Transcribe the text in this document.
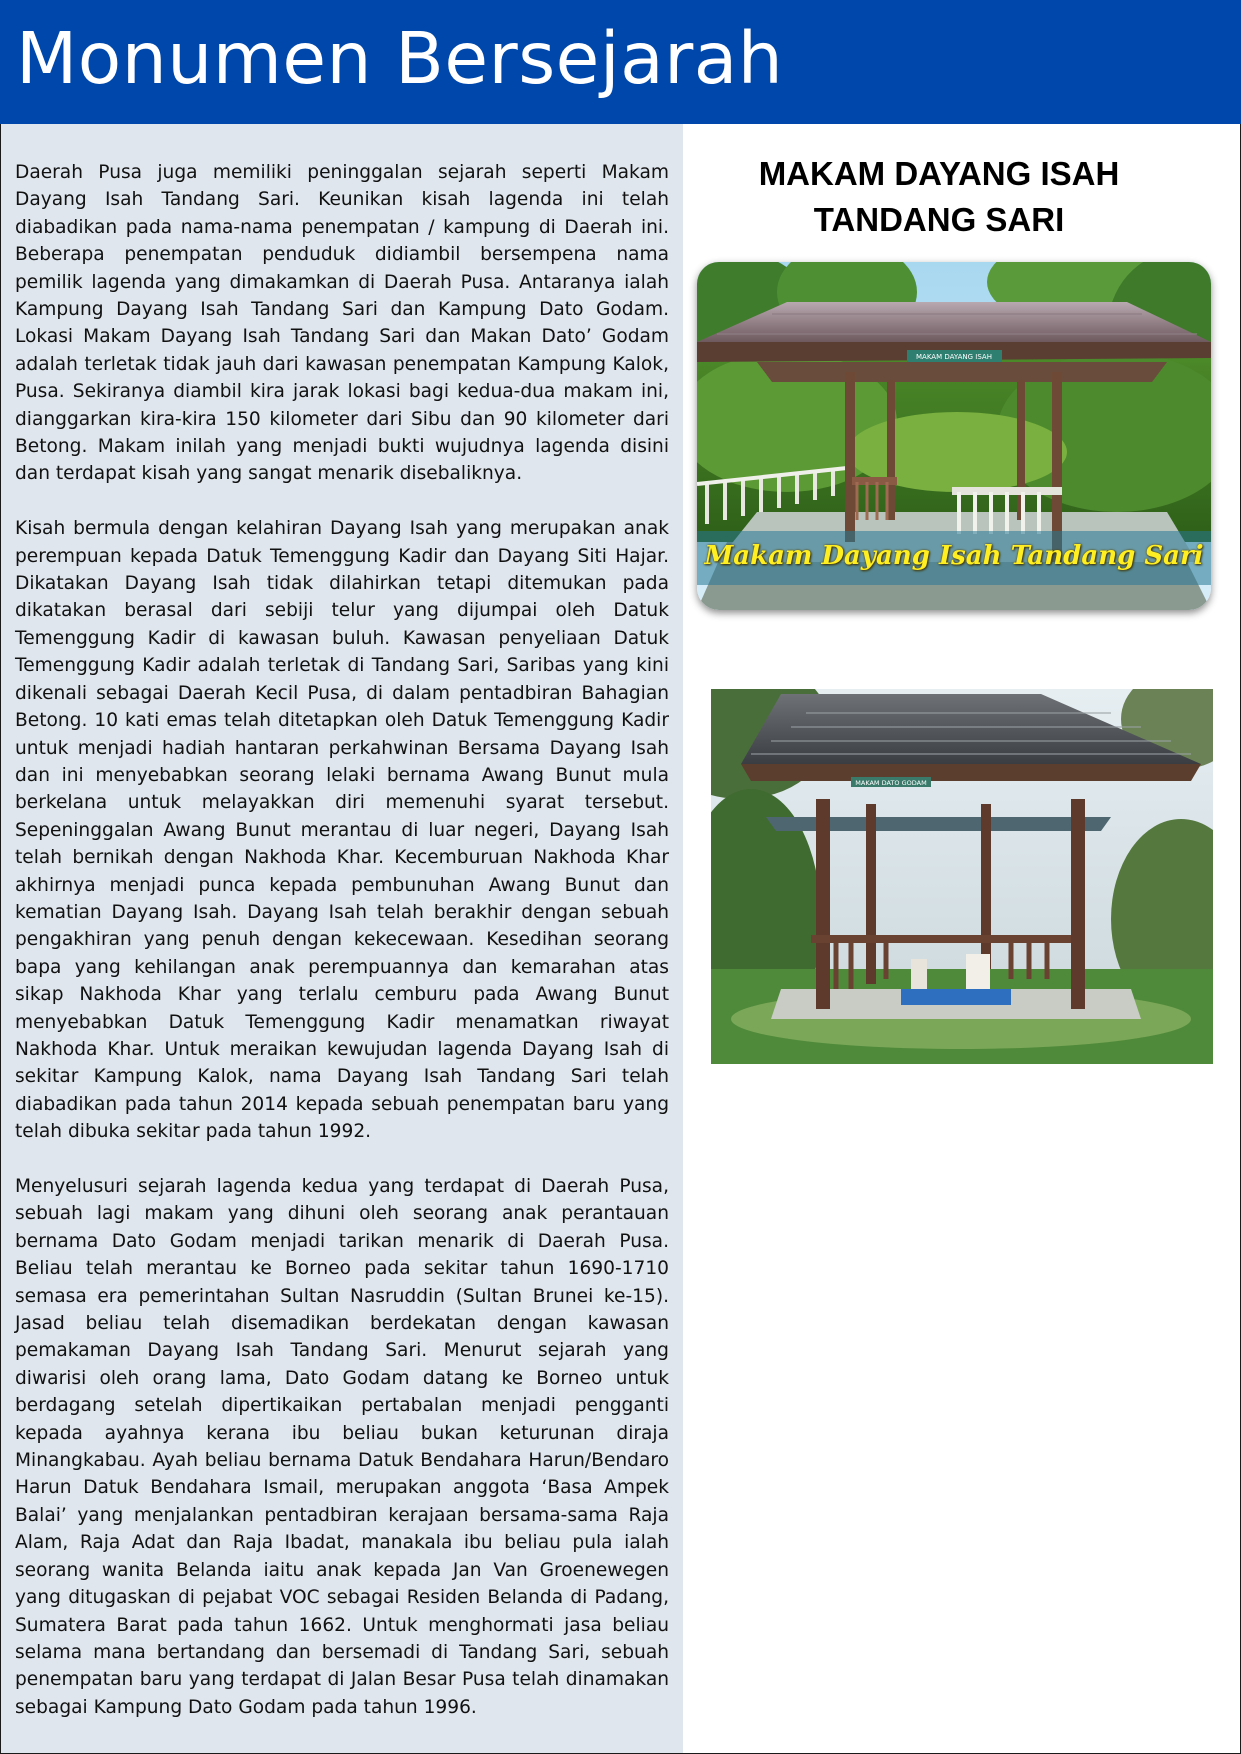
Monumen Bersejarah

Daerah Pusa juga memiliki peninggalan sejarah seperti Makam Dayang Isah Tandang Sari. Keunikan kisah lagenda ini telah diabadikan pada nama-nama penempatan / kampung di Daerah ini. Beberapa penempatan penduduk didiambil bersempena nama pemilik lagenda yang dimakamkan di Daerah Pusa. Antaranya ialah Kampung Dayang Isah Tandang Sari dan Kampung Dato Godam. Lokasi Makam Dayang Isah Tandang Sari dan Makan Dato’ Godam adalah terletak tidak jauh dari kawasan penempatan Kampung Kalok, Pusa. Sekiranya diambil kira jarak lokasi bagi kedua-dua makam ini, dianggarkan kira-kira 150 kilometer dari Sibu dan 90 kilometer dari Betong. Makam inilah yang menjadi bukti wujudnya lagenda disini dan terdapat kisah yang sangat menarik disebaliknya.

Kisah bermula dengan kelahiran Dayang Isah yang merupakan anak perempuan kepada Datuk Temenggung Kadir dan Dayang Siti Hajar. Dikatakan Dayang Isah tidak dilahirkan tetapi ditemukan pada dikatakan berasal dari sebiji telur yang dijumpai oleh Datuk Temenggung Kadir di kawasan buluh. Kawasan penyeliaan Datuk Temenggung Kadir adalah terletak di Tandang Sari, Saribas yang kini dikenali sebagai Daerah Kecil Pusa, di dalam pentadbiran Bahagian Betong. 10 kati emas telah ditetapkan oleh Datuk Temenggung Kadir untuk menjadi hadiah hantaran perkahwinan Bersama Dayang Isah dan ini menyebabkan seorang lelaki bernama Awang Bunut mula berkelana untuk melayakkan diri memenuhi syarat tersebut. Sepeninggalan Awang Bunut merantau di luar negeri, Dayang Isah telah bernikah dengan Nakhoda Khar. Kecemburuan Nakhoda Khar akhirnya menjadi punca kepada pembunuhan Awang Bunut dan kematian Dayang Isah. Dayang Isah telah berakhir dengan sebuah pengakhiran yang penuh dengan kekecewaan. Kesedihan seorang bapa yang kehilangan anak perempuannya dan kemarahan atas sikap Nakhoda Khar yang terlalu cemburu pada Awang Bunut menyebabkan Datuk Temenggung Kadir menamatkan riwayat Nakhoda Khar. Untuk meraikan kewujudan lagenda Dayang Isah di sekitar Kampung Kalok, nama Dayang Isah Tandang Sari telah diabadikan pada tahun 2014 kepada sebuah penempatan baru yang telah dibuka sekitar pada tahun 1992.

Menyelusuri sejarah lagenda kedua yang terdapat di Daerah Pusa, sebuah lagi makam yang dihuni oleh seorang anak perantauan bernama Dato Godam menjadi tarikan menarik di Daerah Pusa. Beliau telah merantau ke Borneo pada sekitar tahun 1690-1710 semasa era pemerintahan Sultan Nasruddin (Sultan Brunei ke-15). Jasad beliau telah disemadikan berdekatan dengan kawasan pemakaman Dayang Isah Tandang Sari. Menurut sejarah yang diwarisi oleh orang lama, Dato Godam datang ke Borneo untuk berdagang setelah dipertikaikan pertabalan menjadi pengganti kepada ayahnya kerana ibu beliau bukan keturunan diraja Minangkabau. Ayah beliau bernama Datuk Bendahara Harun/Bendaro Harun Datuk Bendahara Ismail, merupakan anggota ‘Basa Ampek Balai’ yang menjalankan pentadbiran kerajaan bersama-sama Raja Alam, Raja Adat dan Raja Ibadat, manakala ibu beliau pula ialah seorang wanita Belanda iaitu anak kepada Jan Van Groenewegen yang ditugaskan di pejabat VOC sebagai Residen Belanda di Padang, Sumatera Barat pada tahun 1662. Untuk menghormati jasa beliau selama mana bertandang dan bersemadi di Tandang Sari, sebuah penempatan baru yang terdapat di Jalan Besar Pusa telah dinamakan sebagai Kampung Dato Godam pada tahun 1996.

MAKAM DAYANG ISAH TANDANG SARI
MAKAM DAYANG ISAH
Makam Dayang Isah Tandang Sari
MAKAM DATO GODAM
